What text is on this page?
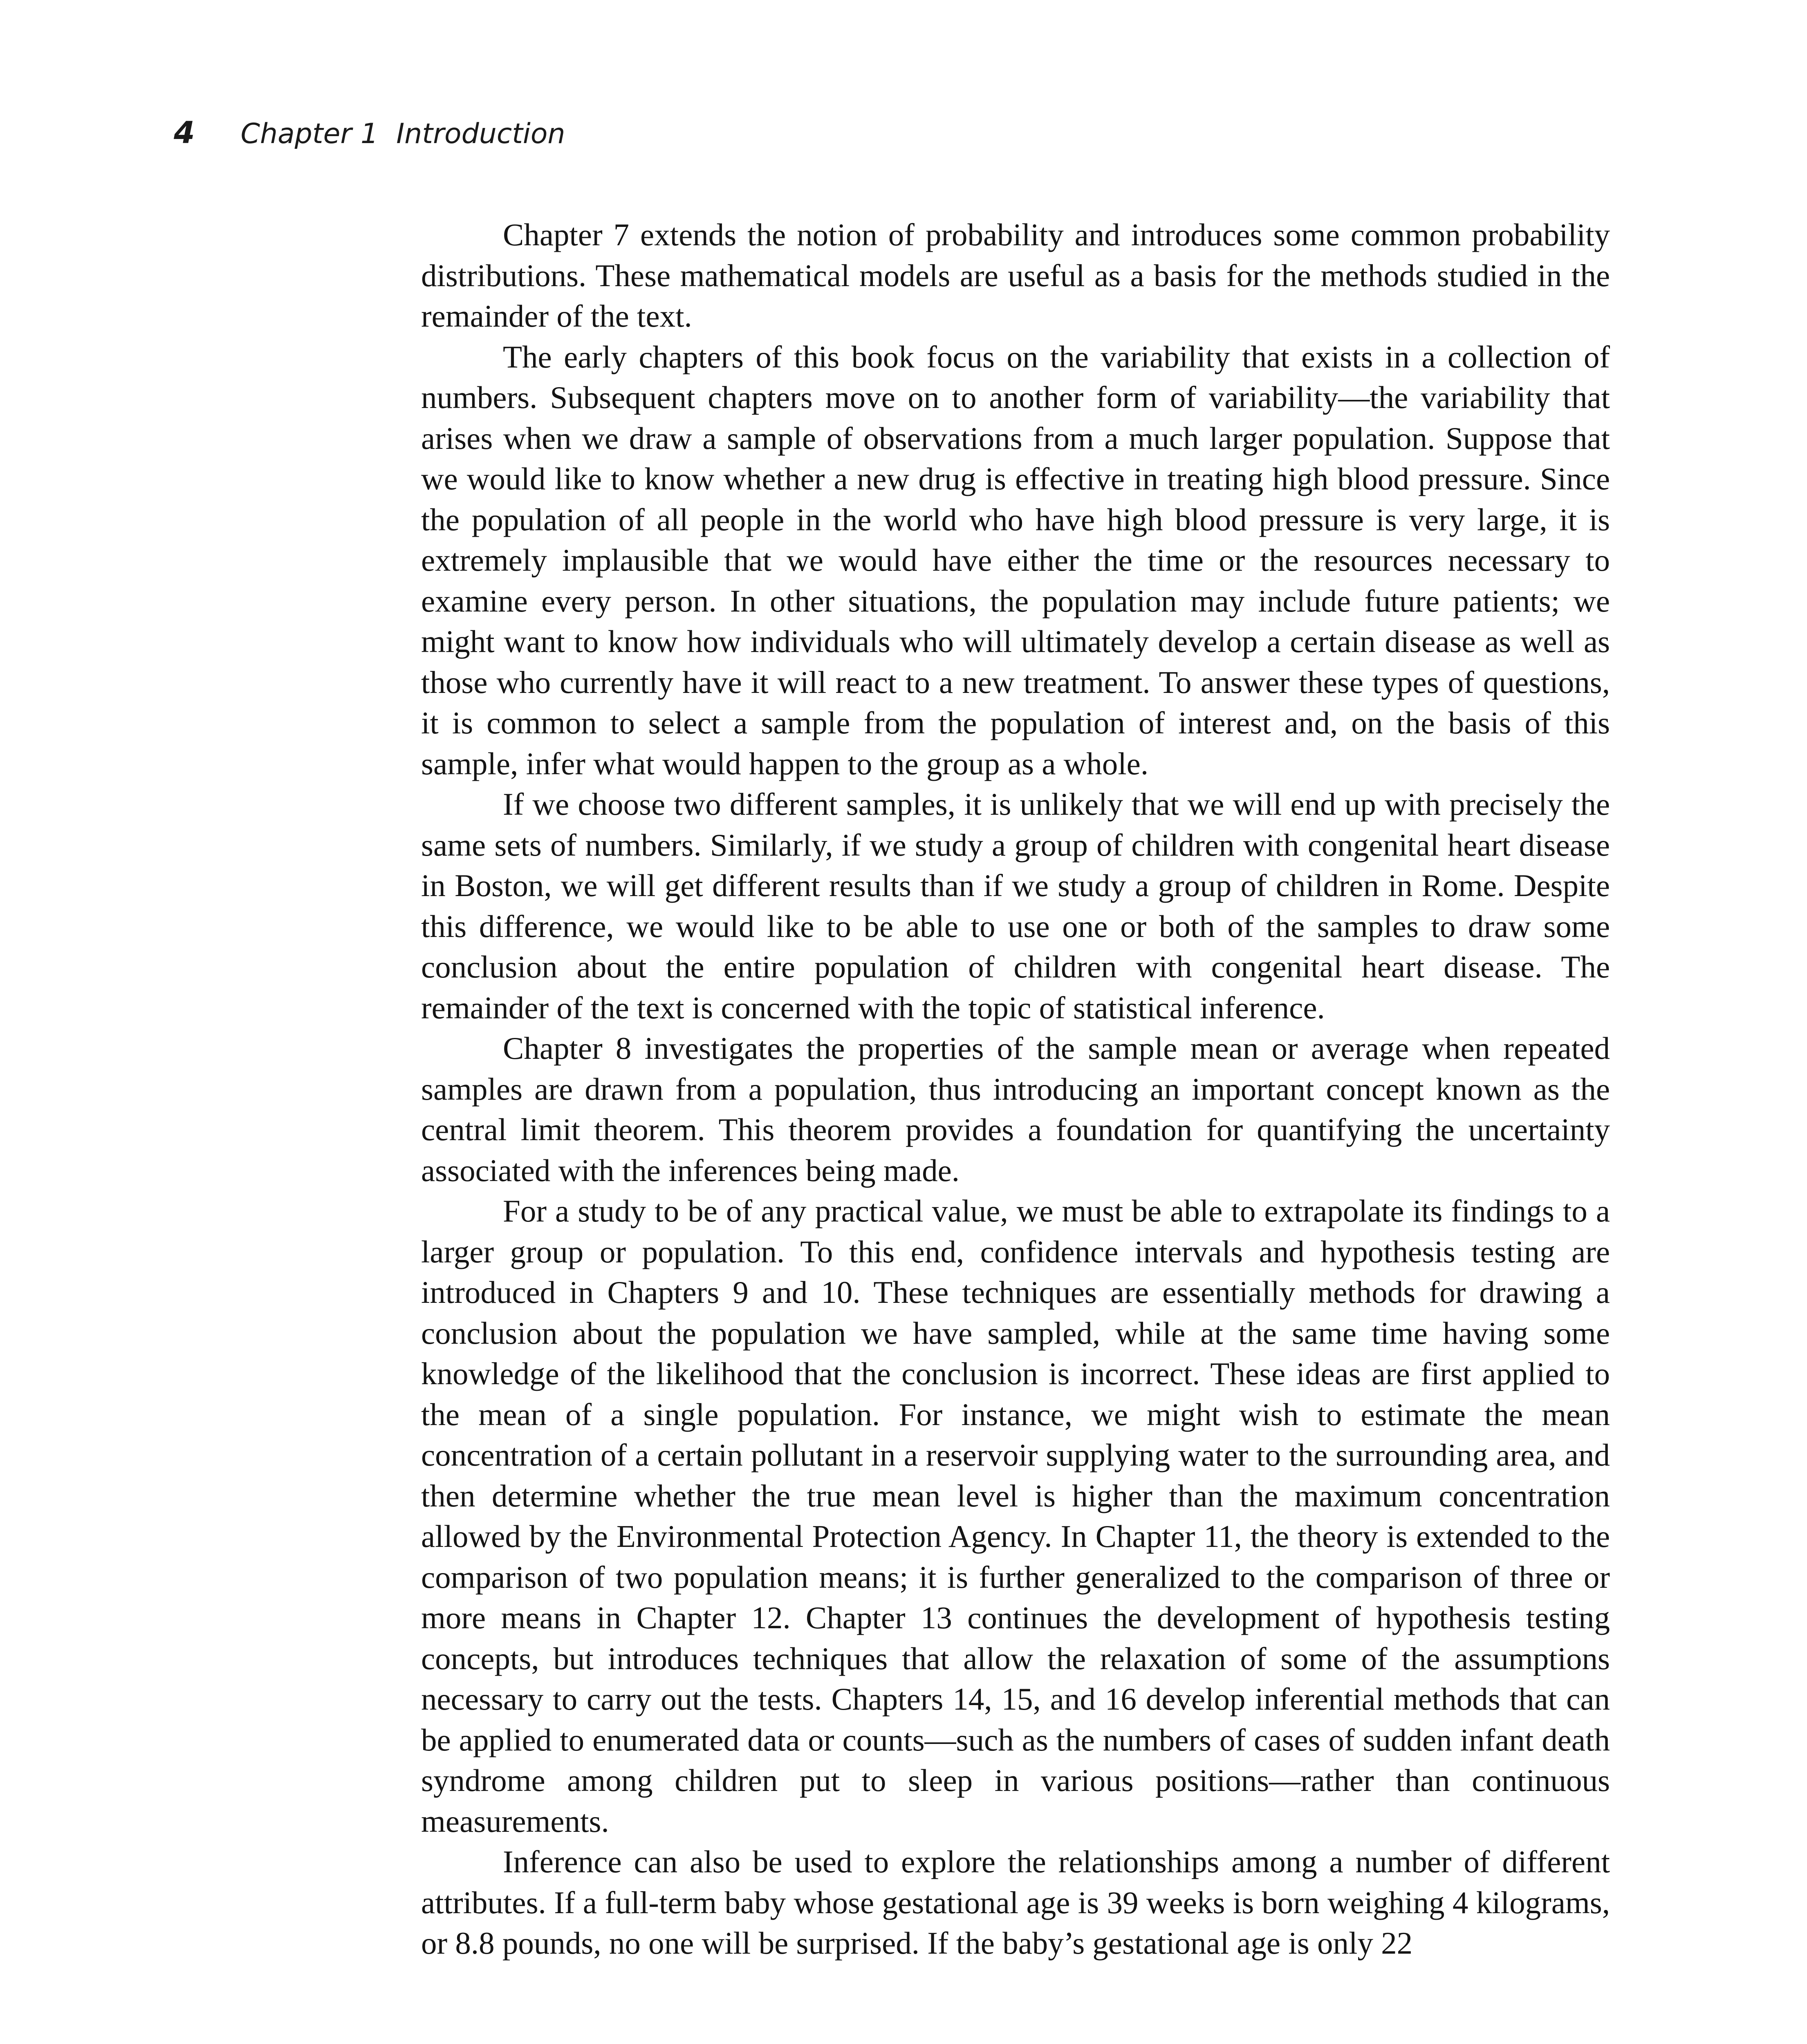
4 Chapter 1 Introduction

Chapter 7 extends the notion of probability and introduces some common probability distributions. These mathematical models are useful as a basis for the methods studied in the remainder of the text.

The early chapters of this book focus on the variability that exists in a collection of numbers. Subsequent chapters move on to another form of variability—the variability that arises when we draw a sample of observations from a much larger population. Suppose that we would like to know whether a new drug is effective in treating high blood pressure. Since the population of all people in the world who have high blood pressure is very large, it is extremely implausible that we would have either the time or the resources necessary to examine every person. In other situations, the population may include future patients; we might want to know how individuals who will ultimately develop a certain disease as well as those who currently have it will react to a new treatment. To answer these types of questions, it is common to select a sample from the population of interest and, on the basis of this sample, infer what would happen to the group as a whole.

If we choose two different samples, it is unlikely that we will end up with precisely the same sets of numbers. Similarly, if we study a group of children with congenital heart disease in Boston, we will get different results than if we study a group of children in Rome. Despite this difference, we would like to be able to use one or both of the samples to draw some conclusion about the entire population of children with congenital heart disease. The remainder of the text is concerned with the topic of statistical inference.

Chapter 8 investigates the properties of the sample mean or average when repeated samples are drawn from a population, thus introducing an important concept known as the central limit theorem. This theorem provides a foundation for quantifying the uncertainty associated with the inferences being made.

For a study to be of any practical value, we must be able to extrapolate its findings to a larger group or population. To this end, confidence intervals and hypothesis testing are introduced in Chapters 9 and 10. These techniques are essentially methods for drawing a conclusion about the population we have sampled, while at the same time having some knowledge of the likelihood that the conclusion is incorrect. These ideas are first applied to the mean of a single population. For instance, we might wish to estimate the mean concentration of a certain pollutant in a reservoir supplying water to the surrounding area, and then determine whether the true mean level is higher than the maximum concentration allowed by the Environmental Protection Agency. In Chapter 11, the theory is extended to the comparison of two population means; it is further generalized to the comparison of three or more means in Chapter 12. Chapter 13 continues the development of hypothesis testing concepts, but introduces techniques that allow the relaxation of some of the assumptions necessary to carry out the tests. Chapters 14, 15, and 16 develop inferential methods that can be applied to enumerated data or counts—such as the numbers of cases of sudden infant death syndrome among children put to sleep in various positions—rather than continuous measurements.

Inference can also be used to explore the relationships among a number of different attributes. If a full-term baby whose gestational age is 39 weeks is born weighing 4 kilograms, or 8.8 pounds, no one will be surprised. If the baby’s gestational age is only 22
